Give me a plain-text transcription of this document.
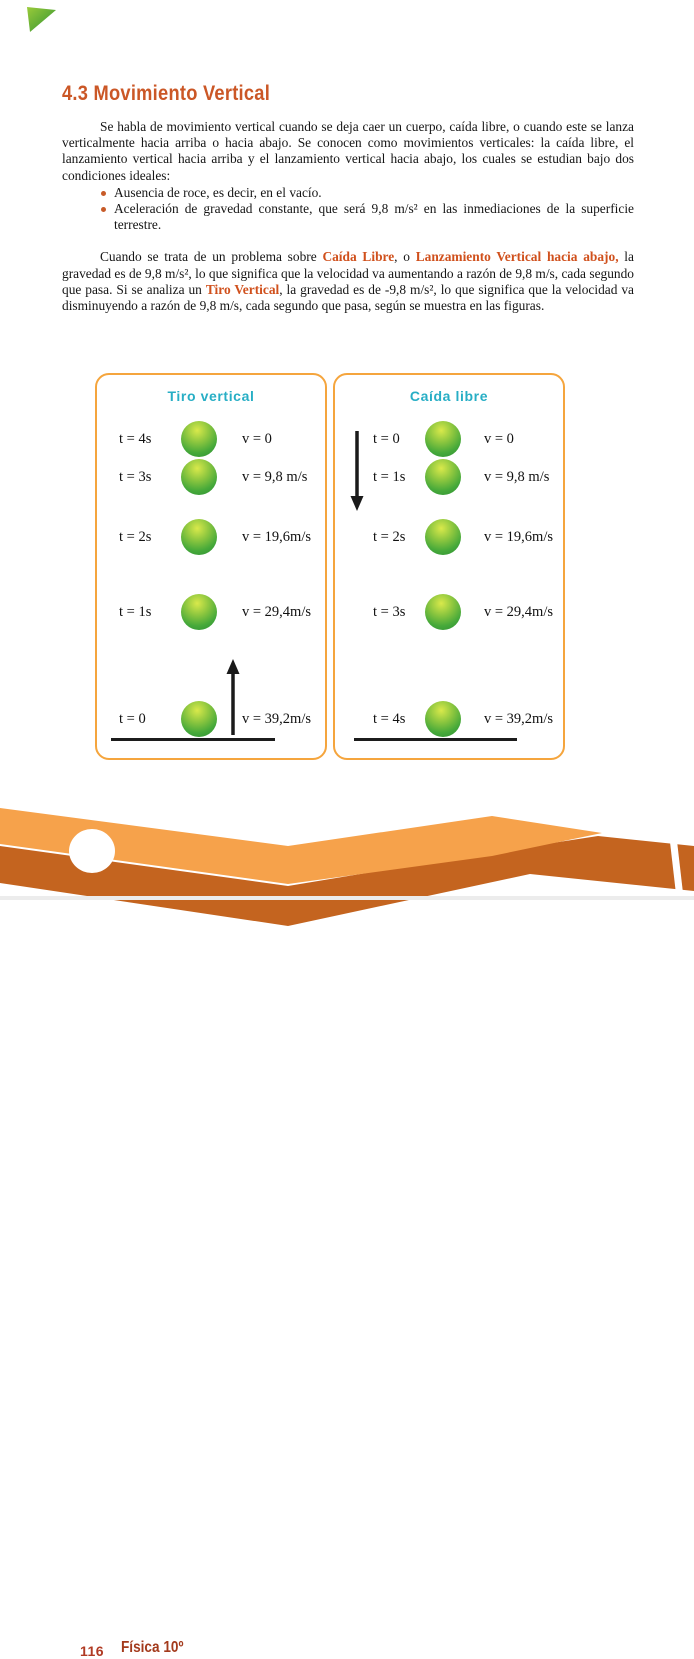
4.3 Movimiento Vertical

Se habla de movimiento vertical cuando se deja caer un cuerpo, caída libre, o cuando este se lanza verticalmente hacia arriba o hacia abajo. Se conocen como movimientos verticales: la caída libre, el lanzamiento vertical hacia arriba y el lanzamiento vertical hacia abajo, los cuales se estudian bajo dos condiciones ideales:

Ausencia de roce, es decir, en el vacío.
Aceleración de gravedad constante, que será 9,8 m/s² en las inmediaciones de la superficie terrestre.

Cuando se trata de un problema sobre Caída Libre, o Lanzamiento Vertical hacia abajo, la gravedad es de 9,8 m/s², lo que significa que la velocidad va aumentando a razón de 9,8 m/s, cada segundo que pasa. Si se analiza un Tiro Vertical, la gravedad es de -9,8 m/s², lo que significa que la velocidad va disminuyendo a razón de 9,8 m/s, cada segundo que pasa, según se muestra en las figuras.

Tiro vertical
t = 4s	v = 0
t = 3s	v = 9,8 m/s
t = 2s	v = 19,6m/s
t = 1s	v = 29,4m/s
t = 0	v = 39,2m/s
Caída libre
t = 0	v = 0
t = 1s	v = 9,8 m/s
t = 2s	v = 19,6m/s
t = 3s	v = 29,4m/s
t = 4s	v = 39,2m/s
116	Física 10º
